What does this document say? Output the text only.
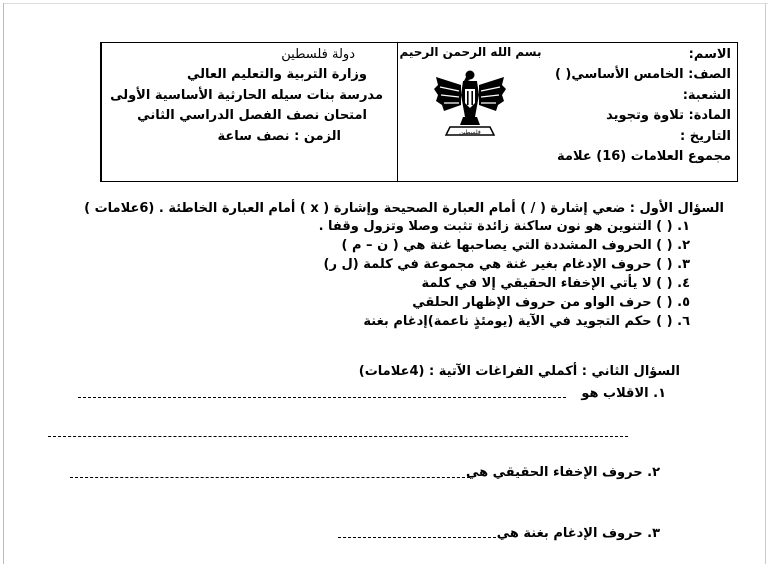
دولة فلسطين
وزارة التربية والتعليم العالي
مدرسة بنات سيله الحارثية الأساسية الأولى
امتحان نصف الفصل الدراسي الثاني
الزمن : نصف ساعة
بسم الله الرحمن الرحيم
فلسطين
الاسم:
الصف: الخامس الأساسي( )
الشعبة:
المادة: تلاوة وتجويد
التاريخ :
مجموع العلامات (16) علامة
السؤال الأول : ضعي إشارة ( / ) أمام العبارة الصحيحة وإشارة ( x ) أمام العبارة الخاطئة . (6علامات )
١. ( ) التنوين هو نون ساكنة زائدة تثبت وصلا وتزول وقفا .
٢. ( ) الحروف المشددة التي يصاحبها غنة هي ( ن – م )
٣. ( ) حروف الإدغام بغير غنة هي مجموعة في كلمة (ل ر)
٤. ( ) لا يأتي الإخفاء الحقيقي إلا في كلمة
٥. ( ) حرف الواو من حروف الإظهار الحلقي
٦. ( ) حكم التجويد في الآية (يومئذٍ ناعمة)إدغام بغنة
السؤال الثاني : أكملي الفراغات الآتية : (4علامات)
١. الاقلاب هو
٢. حروف الإخفاء الحقيقي هي
٣. حروف الإدغام بغنة هي
